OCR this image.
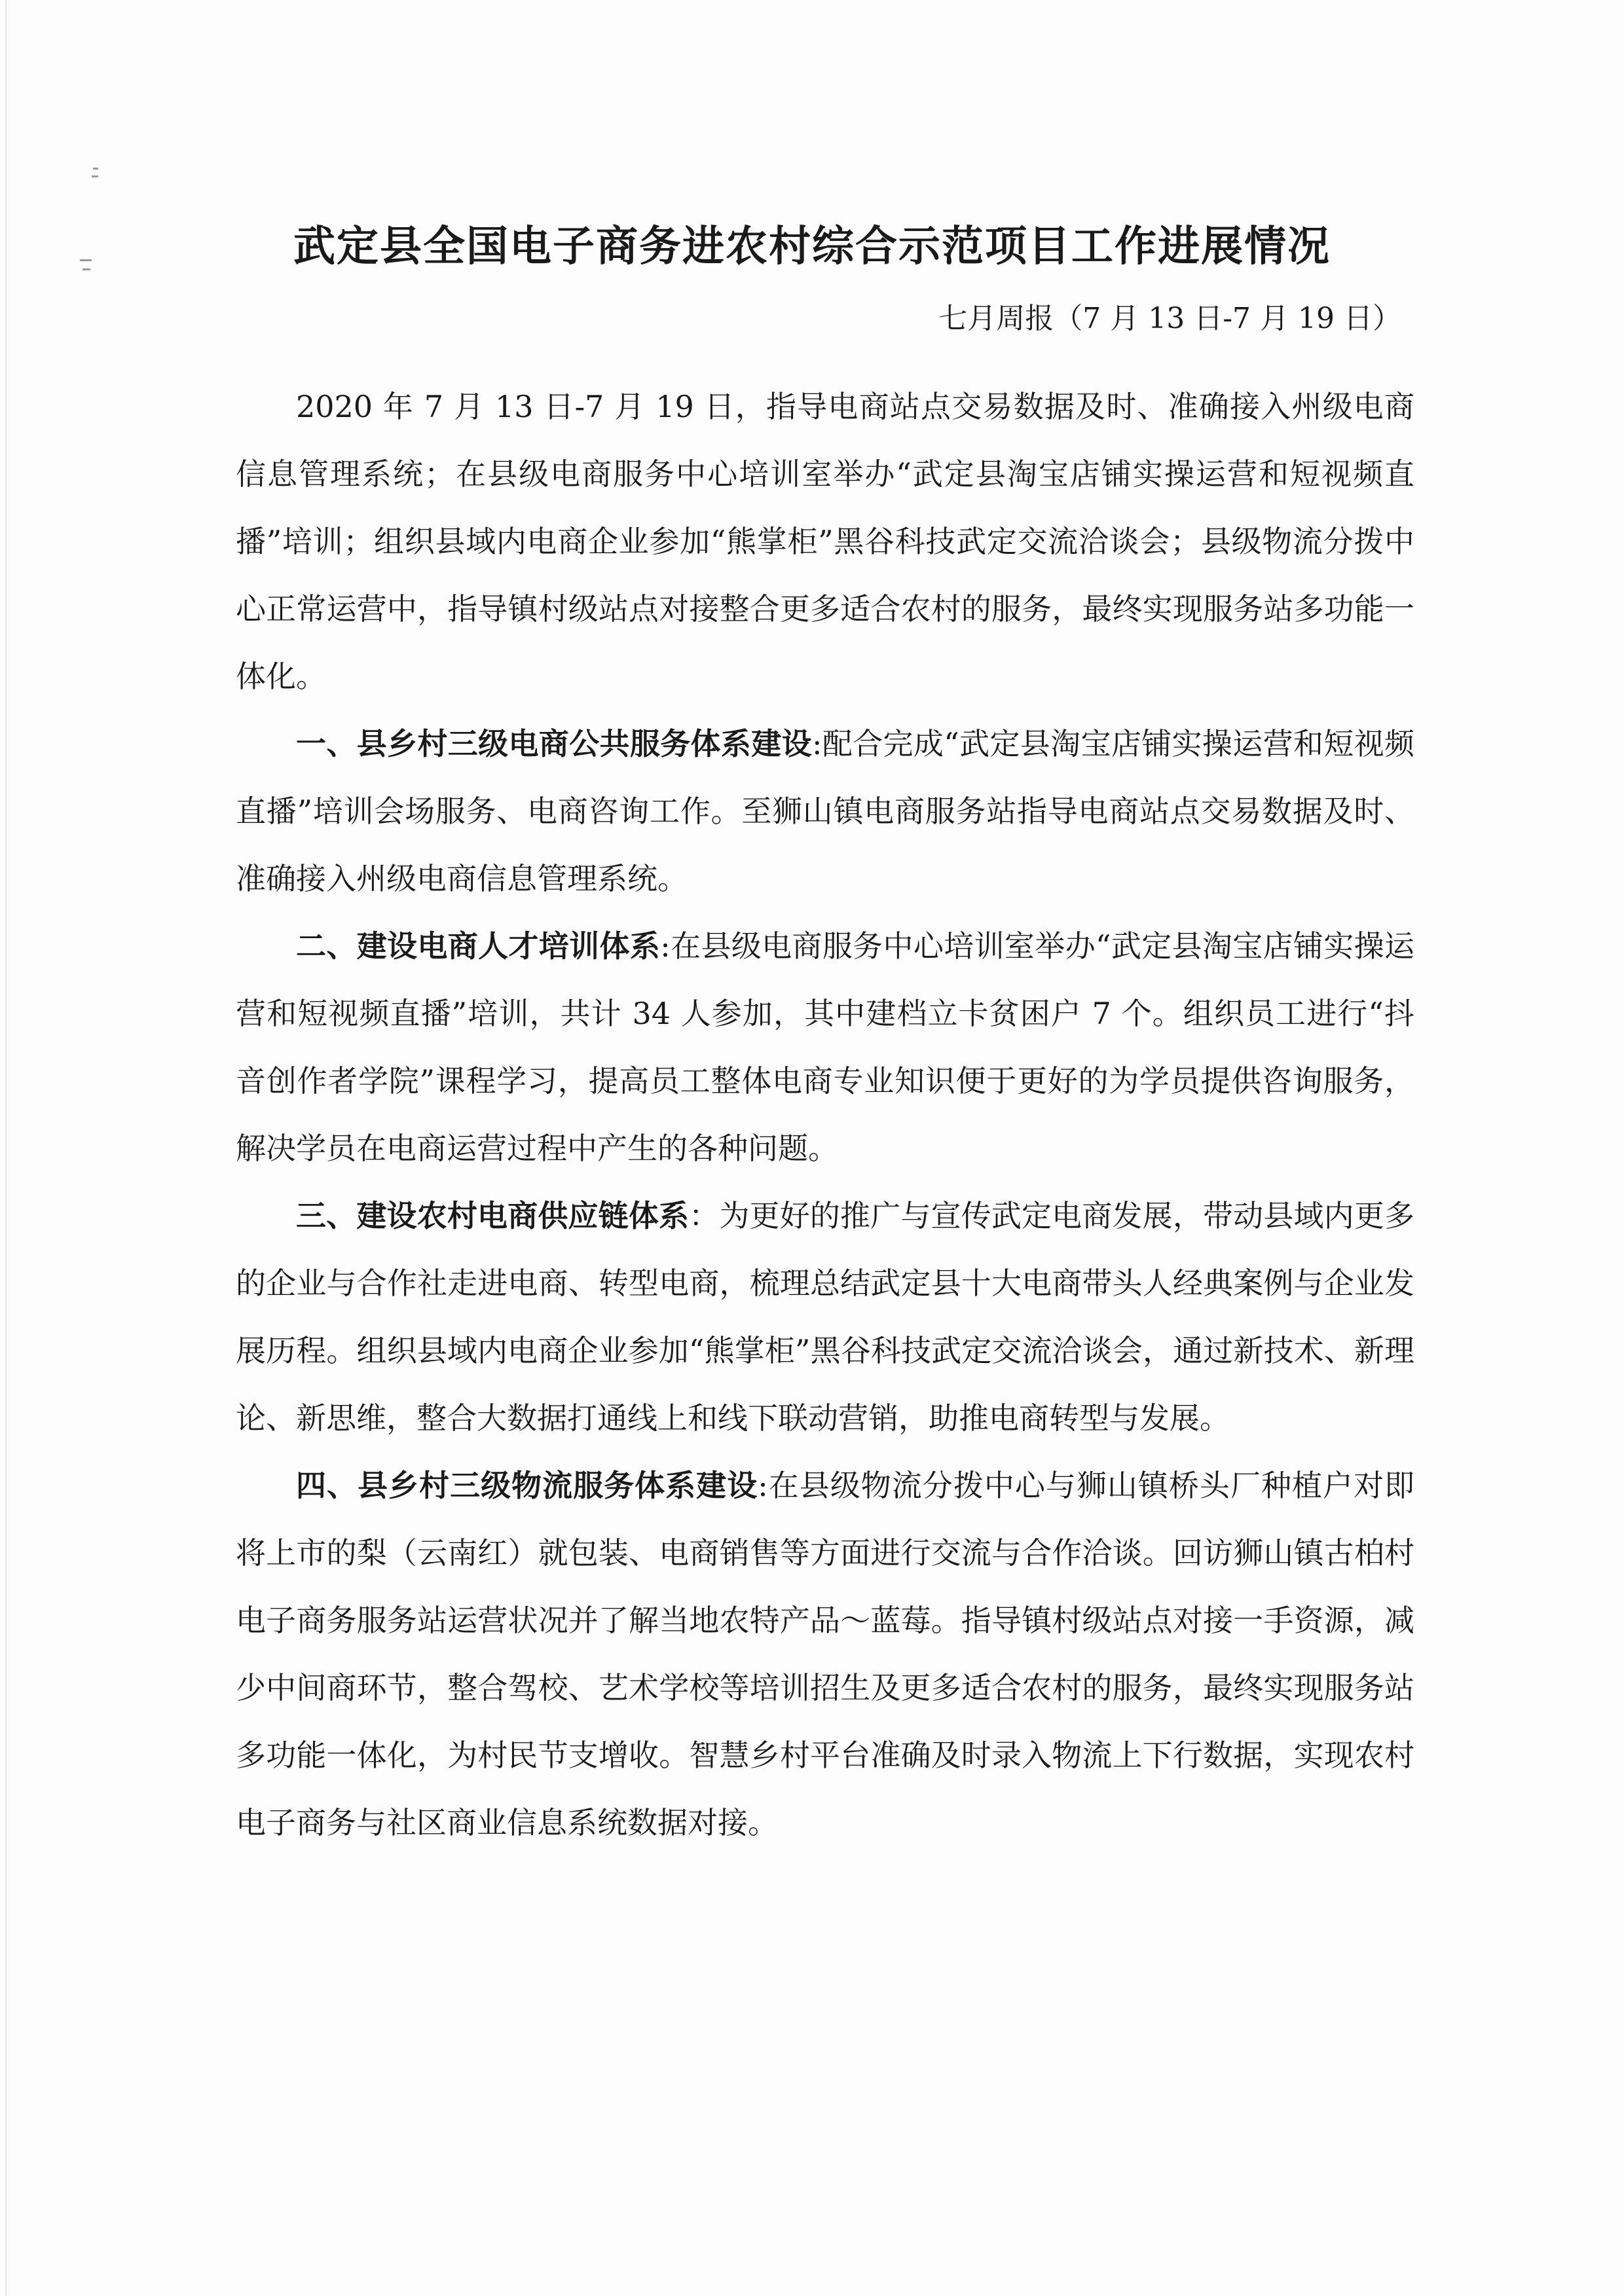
武定县全国电子商务进农村综合示范项目工作进展情况

七月周报（7 月 13 日-7 月 19 日）

2020 年 7 月 13 日-7 月 19 日，指导电商站点交易数据及时、准确接入州级电商信息管理系统；在县级电商服务中心培训室举办“武定县淘宝店铺实操运营和短视频直播”培训；组织县域内电商企业参加“熊掌柜”黑谷科技武定交流洽谈会；县级物流分拨中心正常运营中，指导镇村级站点对接整合更多适合农村的服务，最终实现服务站多功能一体化。

一、县乡村三级电商公共服务体系建设:配合完成“武定县淘宝店铺实操运营和短视频直播”培训会场服务、电商咨询工作。至狮山镇电商服务站指导电商站点交易数据及时、准确接入州级电商信息管理系统。

二、建设电商人才培训体系:在县级电商服务中心培训室举办“武定县淘宝店铺实操运营和短视频直播”培训，共计 34 人参加，其中建档立卡贫困户 7 个。组织员工进行“抖音创作者学院”课程学习，提高员工整体电商专业知识便于更好的为学员提供咨询服务，解决学员在电商运营过程中产生的各种问题。

三、建设农村电商供应链体系：为更好的推广与宣传武定电商发展，带动县域内更多的企业与合作社走进电商、转型电商，梳理总结武定县十大电商带头人经典案例与企业发展历程。组织县域内电商企业参加“熊掌柜”黑谷科技武定交流洽谈会，通过新技术、新理论、新思维，整合大数据打通线上和线下联动营销，助推电商转型与发展。

四、县乡村三级物流服务体系建设:在县级物流分拨中心与狮山镇桥头厂种植户对即将上市的梨（云南红）就包装、电商销售等方面进行交流与合作洽谈。回访狮山镇古柏村电子商务服务站运营状况并了解当地农特产品～蓝莓。指导镇村级站点对接一手资源，减少中间商环节，整合驾校、艺术学校等培训招生及更多适合农村的服务，最终实现服务站多功能一体化，为村民节支增收。智慧乡村平台准确及时录入物流上下行数据，实现农村电子商务与社区商业信息系统数据对接。
